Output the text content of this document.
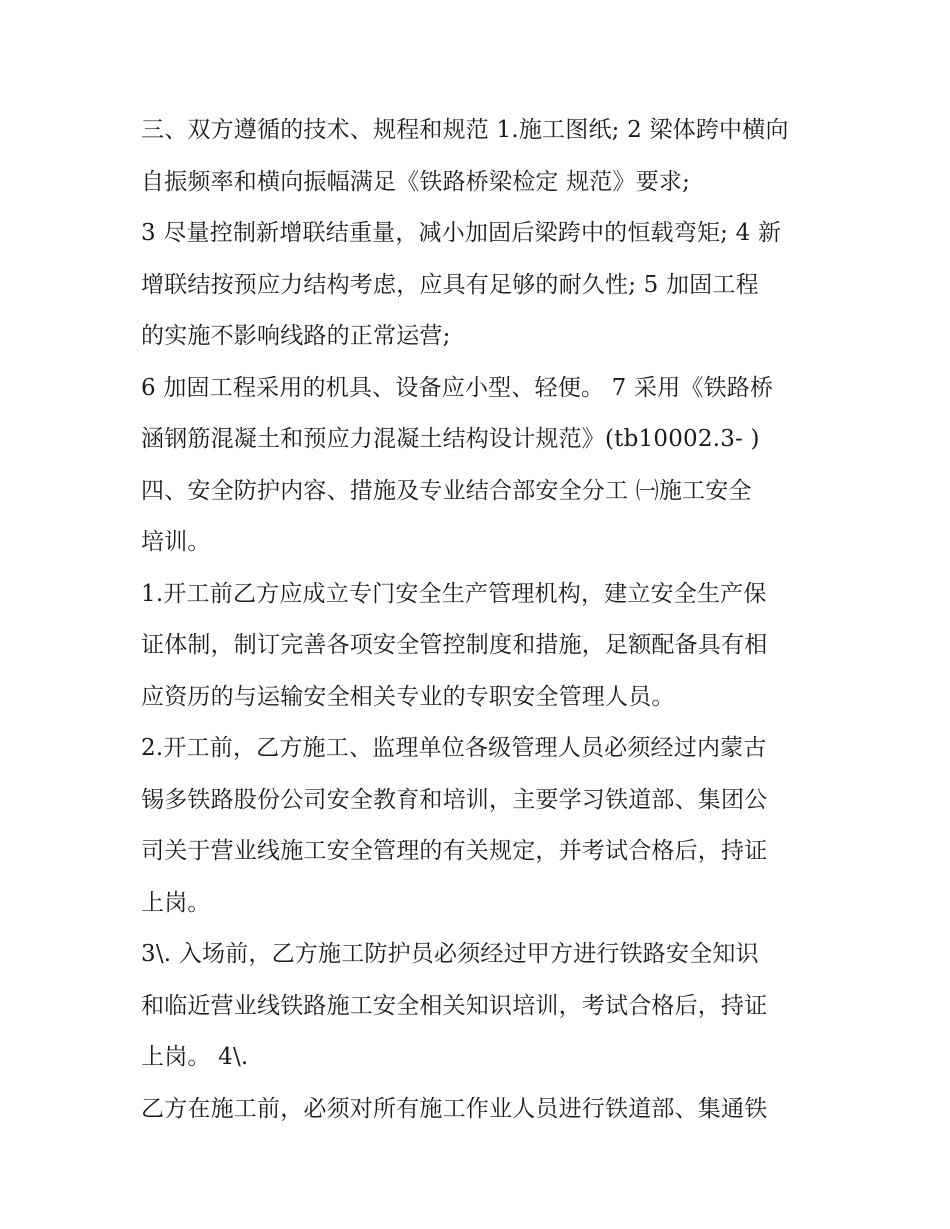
三、双方遵循的技术、规程和规范 1.施工图纸; 2 梁体跨中横向
自振频率和横向振幅满足《铁路桥梁检定 规范》要求;
3 尽量控制新增联结重量，减小加固后梁跨中的恒载弯矩; 4 新
增联结按预应力结构考虑，应具有足够的耐久性; 5 加固工程
的实施不影响线路的正常运营;
6 加固工程采用的机具、设备应小型、轻便。 7 采用《铁路桥
涵钢筋混凝土和预应力混凝土结构设计规范》(tb10002.3- )
四、安全防护内容、措施及专业结合部安全分工 ㈠施工安全
培训。
1.开工前乙方应成立专门安全生产管理机构，建立安全生产保
证体制，制订完善各项安全管控制度和措施，足额配备具有相
应资历的与运输安全相关专业的专职安全管理人员。
2.开工前，乙方施工、监理单位各级管理人员必须经过内蒙古
锡多铁路股份公司安全教育和培训，主要学习铁道部、集团公
司关于营业线施工安全管理的有关规定，并考试合格后，持证
上岗。
3\. 入场前，乙方施工防护员必须经过甲方进行铁路安全知识
和临近营业线铁路施工安全相关知识培训，考试合格后，持证
上岗。 4\.
乙方在施工前，必须对所有施工作业人员进行铁道部、集通铁
